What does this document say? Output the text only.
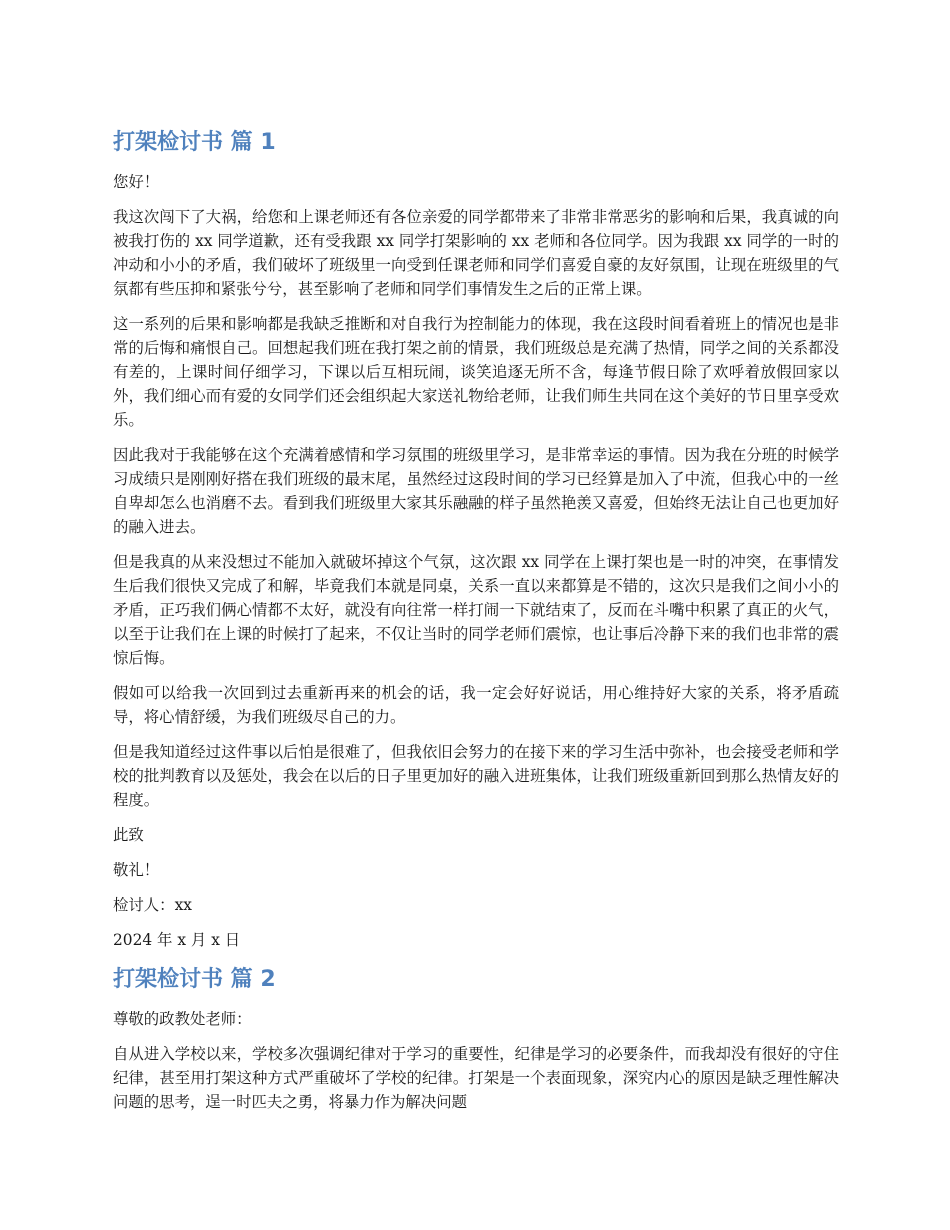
打架检讨书 篇 1

您好！

我这次闯下了大祸，给您和上课老师还有各位亲爱的同学都带来了非常非常恶劣的影响和后果，我真诚的向被我打伤的 xx 同学道歉，还有受我跟 xx 同学打架影响的 xx 老师和各位同学。因为我跟 xx 同学的一时的冲动和小小的矛盾，我们破坏了班级里一向受到任课老师和同学们喜爱自豪的友好氛围，让现在班级里的气氛都有些压抑和紧张兮兮，甚至影响了老师和同学们事情发生之后的正常上课。

这一系列的后果和影响都是我缺乏推断和对自我行为控制能力的体现，我在这段时间看着班上的情况也是非常的后悔和痛恨自己。回想起我们班在我打架之前的情景，我们班级总是充满了热情，同学之间的关系都没有差的，上课时间仔细学习，下课以后互相玩闹，谈笑追逐无所不含，每逢节假日除了欢呼着放假回家以外，我们细心而有爱的女同学们还会组织起大家送礼物给老师，让我们师生共同在这个美好的节日里享受欢乐。

因此我对于我能够在这个充满着感情和学习氛围的班级里学习，是非常幸运的事情。因为我在分班的时候学习成绩只是刚刚好搭在我们班级的最末尾，虽然经过这段时间的学习已经算是加入了中流，但我心中的一丝自卑却怎么也消磨不去。看到我们班级里大家其乐融融的样子虽然艳羡又喜爱，但始终无法让自己也更加好的融入进去。

但是我真的从来没想过不能加入就破坏掉这个气氛，这次跟 xx 同学在上课打架也是一时的冲突，在事情发生后我们很快又完成了和解，毕竟我们本就是同桌，关系一直以来都算是不错的，这次只是我们之间小小的矛盾，正巧我们俩心情都不太好，就没有向往常一样打闹一下就结束了，反而在斗嘴中积累了真正的火气，以至于让我们在上课的时候打了起来，不仅让当时的同学老师们震惊，也让事后冷静下来的我们也非常的震惊后悔。

假如可以给我一次回到过去重新再来的机会的话，我一定会好好说话，用心维持好大家的关系，将矛盾疏导，将心情舒缓，为我们班级尽自己的力。

但是我知道经过这件事以后怕是很难了，但我依旧会努力的在接下来的学习生活中弥补，也会接受老师和学校的批判教育以及惩处，我会在以后的日子里更加好的融入进班集体，让我们班级重新回到那么热情友好的程度。

此致

敬礼！

检讨人：xx

2024 年 x 月 x 日

打架检讨书 篇 2

尊敬的政教处老师：

自从进入学校以来，学校多次强调纪律对于学习的重要性，纪律是学习的必要条件，而我却没有很好的守住纪律，甚至用打架这种方式严重破坏了学校的纪律。打架是一个表面现象，深究内心的原因是缺乏理性解决问题的思考，逞一时匹夫之勇，将暴力作为解决问题
